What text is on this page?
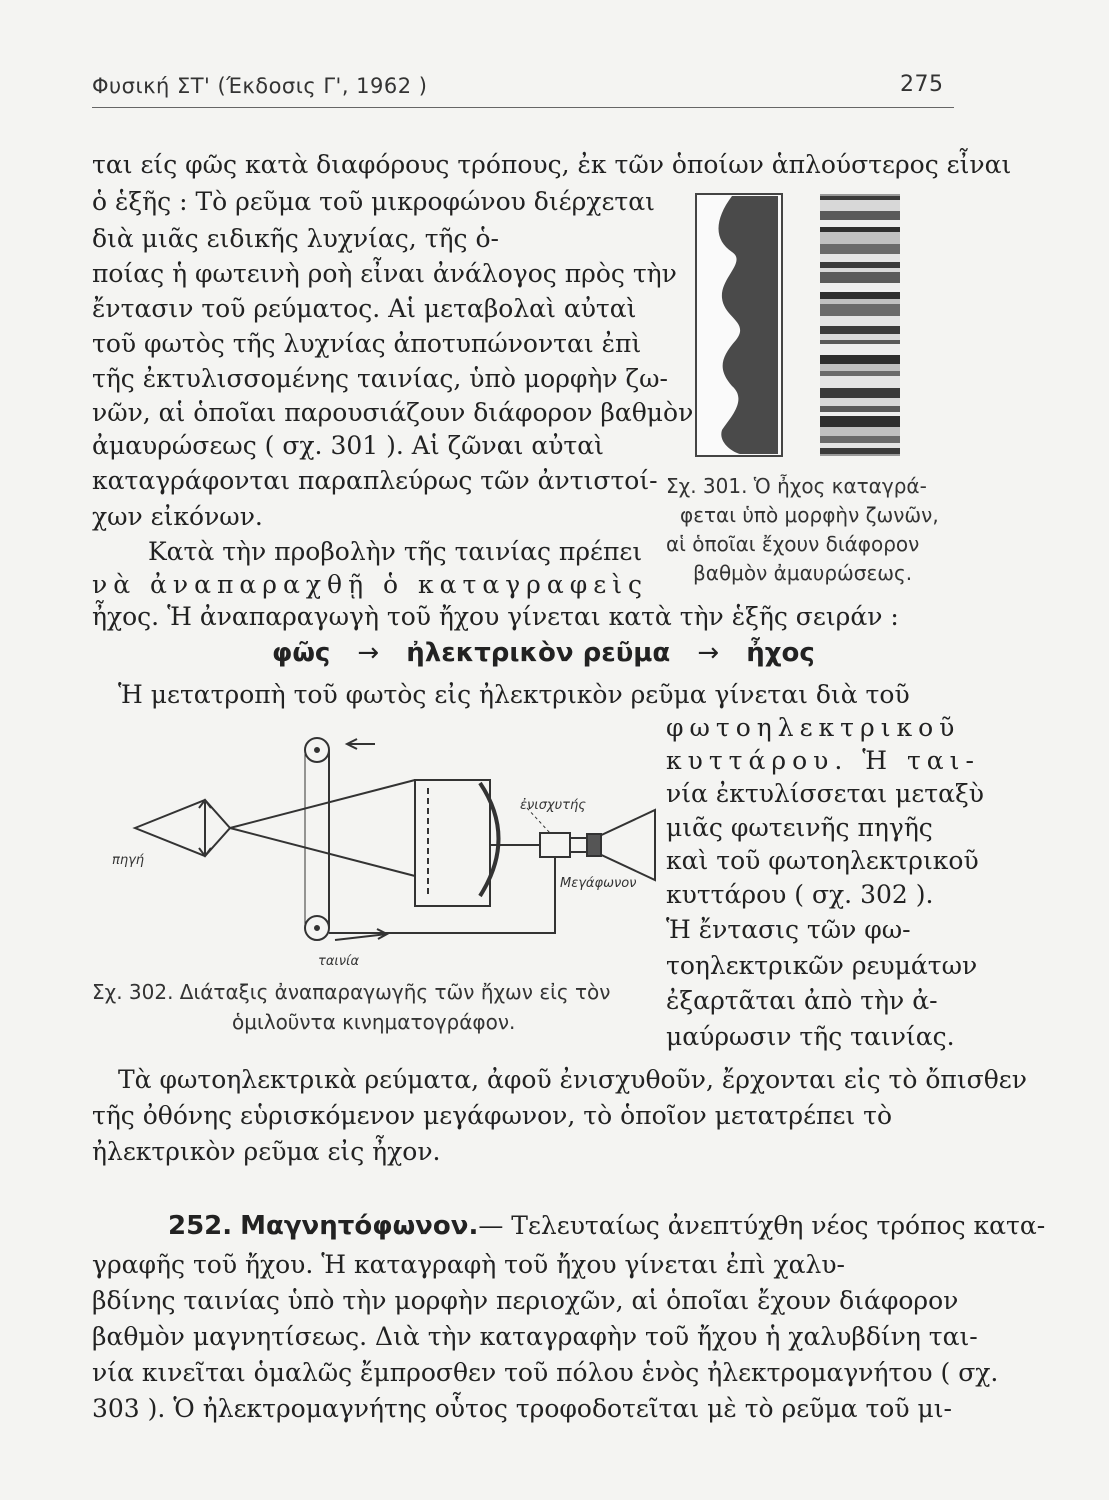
Φυσική ΣΤ' (Έκδοσις Γ', 1962 )	275
ται είς φῶς κατὰ διαφόρους τρόπους, ἐκ τῶν ὁποίων ἁπλούστερος εἶναι
ὁ ἑξῆς : Τὸ ρεῦμα τοῦ μικροφώνου διέρχεται
διὰ μιᾶς ειδικῆς λυχνίας, τῆς ὁ-
ποίας ἡ φωτεινὴ ροὴ εἶναι ἀνάλογος πρὸς τὴν
ἔντασιν τοῦ ρεύματος. Αἱ μεταβολαὶ αὐταὶ
τοῦ φωτὸς τῆς λυχνίας ἀποτυπώνονται ἐπὶ
τῆς ἐκτυλισσομένης ταινίας, ὑπὸ μορφὴν ζω-
νῶν, αἱ ὁποῖαι παρουσιάζουν διάφορον βαθμὸν
ἀμαυρώσεως ( σχ. 301 ). Αἱ ζῶναι αὐταὶ
καταγράφονται παραπλεύρως τῶν ἀντιστοί-
χων εἰκόνων.
Σχ. 301. Ὁ ἦχος καταγρά-
φεται ὑπὸ μορφὴν ζωνῶν,
αἱ ὁποῖαι ἔχουν διάφορον
βαθμὸν ἀμαυρώσεως.
Κατὰ τὴν προβολὴν τῆς ταινίας πρέπει
νὰ ἀναπαραχθῇ ὁ καταγραφεὶς
ἦχος. Ἡ ἀναπαραγωγὴ τοῦ ἤχου γίνεται κατὰ τὴν ἑξῆς σειράν :
φῶς → ἠλεκτρικὸν ρεῦμα → ἦχος
Ἡ μετατροπὴ τοῦ φωτὸς εἰς ἠλεκτρικὸν ρεῦμα γίνεται διὰ τοῦ
φωτοηλεκτρικοῦ
κυττάρου. Ἡ ται-
νία ἐκτυλίσσεται μεταξὺ
μιᾶς φωτεινῆς πηγῆς
καὶ τοῦ φωτοηλεκτρικοῦ
κυττάρου ( σχ. 302 ).
Ἡ ἔντασις τῶν φω-
τοηλεκτρικῶν ρευμάτων
ἐξαρτᾶται ἀπὸ τὴν ἀ-
μαύρωσιν τῆς ταινίας.
πηγή
ἐνισχυτής
Μεγάφωνον
ταινία
Σχ. 302. Διάταξις ἀναπαραγωγῆς τῶν ἤχων εἰς τὸν
ὁμιλοῦντα κινηματογράφον.
Τὰ φωτοηλεκτρικὰ ρεύματα, ἀφοῦ ἐνισχυθοῦν, ἔρχονται εἰς τὸ ὄπισθεν
τῆς ὀθόνης εὑρισκόμενον μεγάφωνον, τὸ ὁποῖον μετατρέπει τὸ
ἠλεκτρικὸν ρεῦμα εἰς ἦχον.
252. Μαγνητόφωνον.— Τελευταίως ἀνεπτύχθη νέος τρόπος κατα-
γραφῆς τοῦ ἤχου. Ἡ καταγραφὴ τοῦ ἤχου γίνεται ἐπὶ χαλυ-
βδίνης ταινίας ὑπὸ τὴν μορφὴν περιοχῶν, αἱ ὁποῖαι ἔχουν διάφορον
βαθμὸν μαγνητίσεως. Διὰ τὴν καταγραφὴν τοῦ ἤχου ἡ χαλυβδίνη ται-
νία κινεῖται ὁμαλῶς ἔμπροσθεν τοῦ πόλου ἑνὸς ἠλεκτρομαγνήτου ( σχ.
303 ). Ὁ ἠλεκτρομαγνήτης οὗτος τροφοδοτεῖται μὲ τὸ ρεῦμα τοῦ μι-
